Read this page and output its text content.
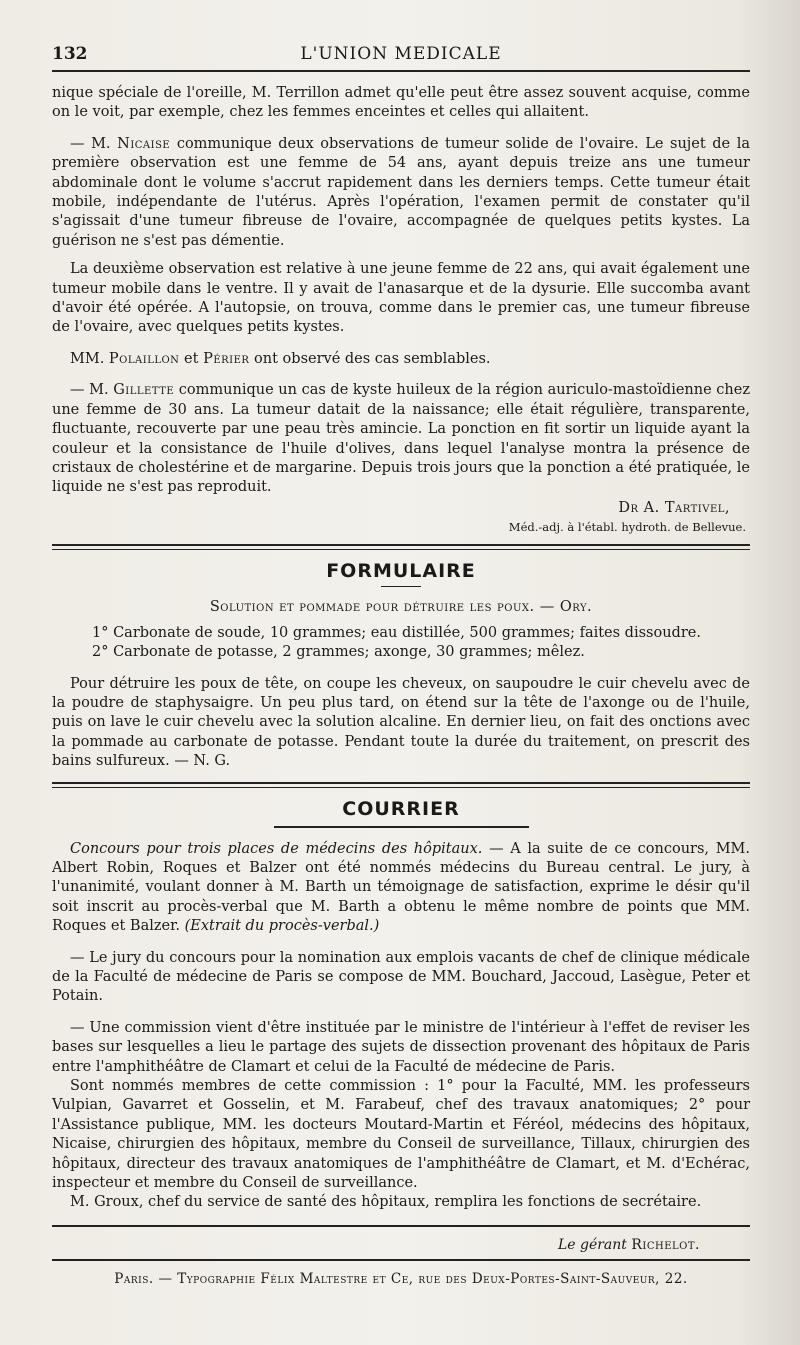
132	L'UNION MEDICALE

nique spéciale de l'oreille, M. Terrillon admet qu'elle peut être assez souvent acquise, comme on le voit, par exemple, chez les femmes enceintes et celles qui allaitent.

— M. Nicaise communique deux observations de tumeur solide de l'ovaire. Le sujet de la première observation est une femme de 54 ans, ayant depuis treize ans une tumeur abdominale dont le volume s'accrut rapidement dans les derniers temps. Cette tumeur était mobile, indépendante de l'utérus. Après l'opération, l'examen permit de constater qu'il s'agissait d'une tumeur fibreuse de l'ovaire, accompagnée de quelques petits kystes. La guérison ne s'est pas démentie.

La deuxième observation est relative à une jeune femme de 22 ans, qui avait également une tumeur mobile dans le ventre. Il y avait de l'anasarque et de la dysurie. Elle succomba avant d'avoir été opérée. A l'autopsie, on trouva, comme dans le premier cas, une tumeur fibreuse de l'ovaire, avec quelques petits kystes.

MM. Polaillon et Périer ont observé des cas semblables.

— M. Gillette communique un cas de kyste huileux de la région auriculo-mastoïdienne chez une femme de 30 ans. La tumeur datait de la naissance; elle était régulière, transparente, fluctuante, recouverte par une peau très amincie. La ponction en fit sortir un liquide ayant la couleur et la consistance de l'huile d'olives, dans lequel l'analyse montra la présence de cristaux de cholestérine et de margarine. Depuis trois jours que la ponction a été pratiquée, le liquide ne s'est pas reproduit.

Dr A. Tartivel,
Méd.-adj. à l'établ. hydroth. de Bellevue.
FORMULAIRE
Solution et pommade pour détruire les poux. — Ory.
1° Carbonate de soude, 10 grammes; eau distillée, 500 grammes; faites dissoudre.
2° Carbonate de potasse, 2 grammes; axonge, 30 grammes; mêlez.

Pour détruire les poux de tête, on coupe les cheveux, on saupoudre le cuir chevelu avec de la poudre de staphysaigre. Un peu plus tard, on étend sur la tête de l'axonge ou de l'huile, puis on lave le cuir chevelu avec la solution alcaline. En dernier lieu, on fait des onctions avec la pommade au carbonate de potasse. Pendant toute la durée du traitement, on prescrit des bains sulfureux. — N. G.

COURRIER

Concours pour trois places de médecins des hôpitaux. — A la suite de ce concours, MM. Albert Robin, Roques et Balzer ont été nommés médecins du Bureau central. Le jury, à l'unanimité, voulant donner à M. Barth un témoignage de satisfaction, exprime le désir qu'il soit inscrit au procès-verbal que M. Barth a obtenu le même nombre de points que MM. Roques et Balzer. (Extrait du procès-verbal.)

— Le jury du concours pour la nomination aux emplois vacants de chef de clinique médicale de la Faculté de médecine de Paris se compose de MM. Bouchard, Jaccoud, Lasègue, Peter et Potain.

— Une commission vient d'être instituée par le ministre de l'intérieur à l'effet de reviser les bases sur lesquelles a lieu le partage des sujets de dissection provenant des hôpitaux de Paris entre l'amphithéâtre de Clamart et celui de la Faculté de médecine de Paris.

Sont nommés membres de cette commission : 1° pour la Faculté, MM. les professeurs Vulpian, Gavarret et Gosselin, et M. Farabeuf, chef des travaux anatomiques; 2° pour l'Assistance publique, MM. les docteurs Moutard-Martin et Féréol, médecins des hôpitaux, Nicaise, chirurgien des hôpitaux, membre du Conseil de surveillance, Tillaux, chirurgien des hôpitaux, directeur des travaux anatomiques de l'amphithéâtre de Clamart, et M. d'Echérac, inspecteur et membre du Conseil de surveillance.

M. Groux, chef du service de santé des hôpitaux, remplira les fonctions de secrétaire.

Le gérant Richelot.
Paris. — Typographie Félix Maltestre et Ce, rue des Deux-Portes-Saint-Sauveur, 22.
